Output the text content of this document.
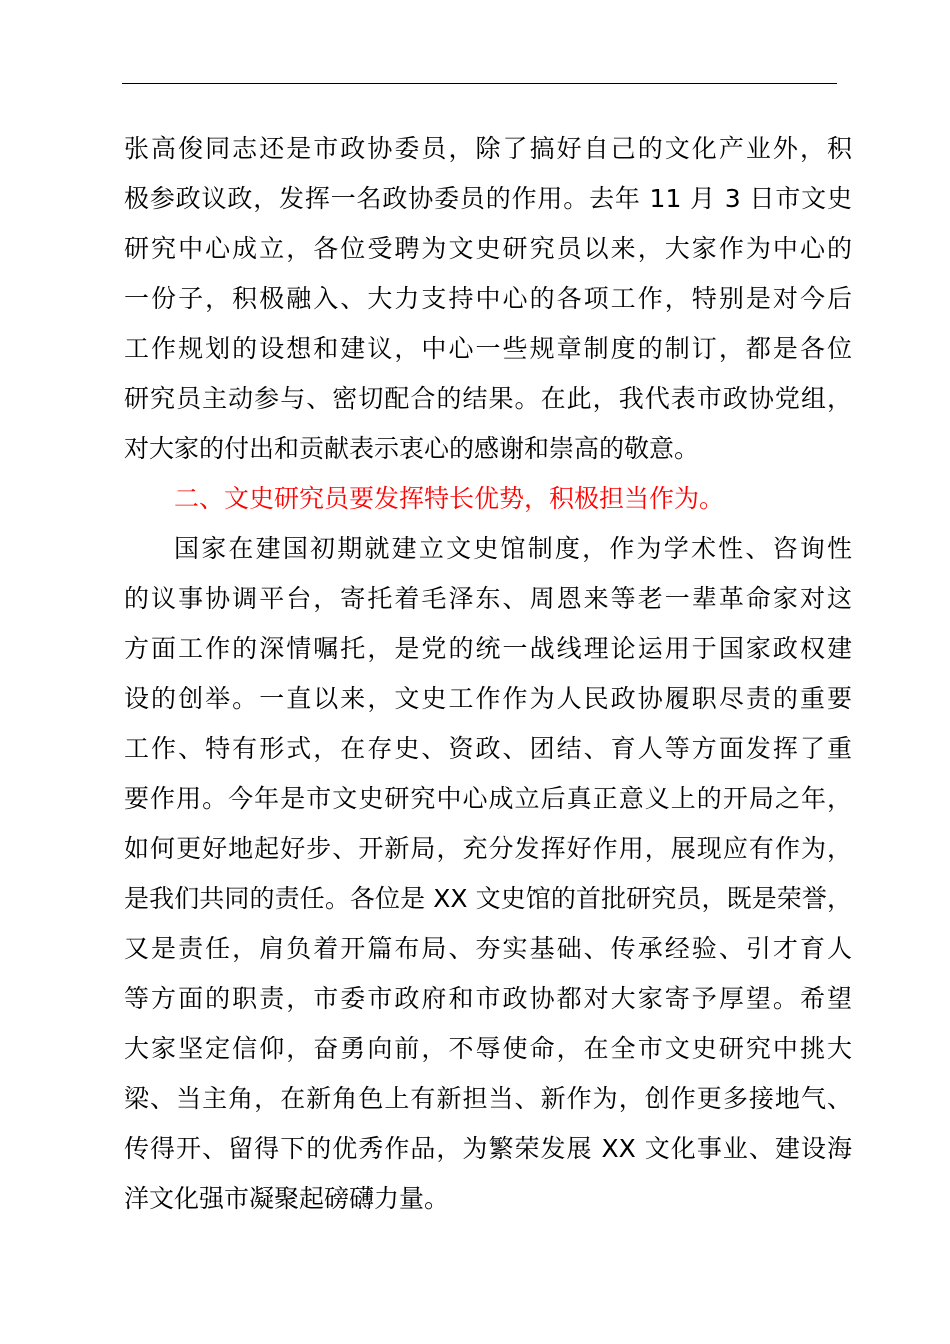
张高俊同志还是市政协委员，除了搞好自己的文化产业外，积
极参政议政，发挥一名政协委员的作用。去年 11 月 3 日市文史
研究中心成立，各位受聘为文史研究员以来，大家作为中心的
一份子，积极融入、大力支持中心的各项工作，特别是对今后
工作规划的设想和建议，中心一些规章制度的制订，都是各位
研究员主动参与、密切配合的结果。在此，我代表市政协党组，
对大家的付出和贡献表示衷心的感谢和崇高的敬意。
二、文史研究员要发挥特长优势，积极担当作为。
国家在建国初期就建立文史馆制度，作为学术性、咨询性
的议事协调平台，寄托着毛泽东、周恩来等老一辈革命家对这
方面工作的深情嘱托，是党的统一战线理论运用于国家政权建
设的创举。一直以来，文史工作作为人民政协履职尽责的重要
工作、特有形式，在存史、资政、团结、育人等方面发挥了重
要作用。今年是市文史研究中心成立后真正意义上的开局之年，
如何更好地起好步、开新局，充分发挥好作用，展现应有作为，
是我们共同的责任。各位是 XX 文史馆的首批研究员，既是荣誉，
又是责任，肩负着开篇布局、夯实基础、传承经验、引才育人
等方面的职责，市委市政府和市政协都对大家寄予厚望。希望
大家坚定信仰，奋勇向前，不辱使命，在全市文史研究中挑大
梁、当主角，在新角色上有新担当、新作为，创作更多接地气、
传得开、留得下的优秀作品，为繁荣发展 XX 文化事业、建设海
洋文化强市凝聚起磅礴力量。
